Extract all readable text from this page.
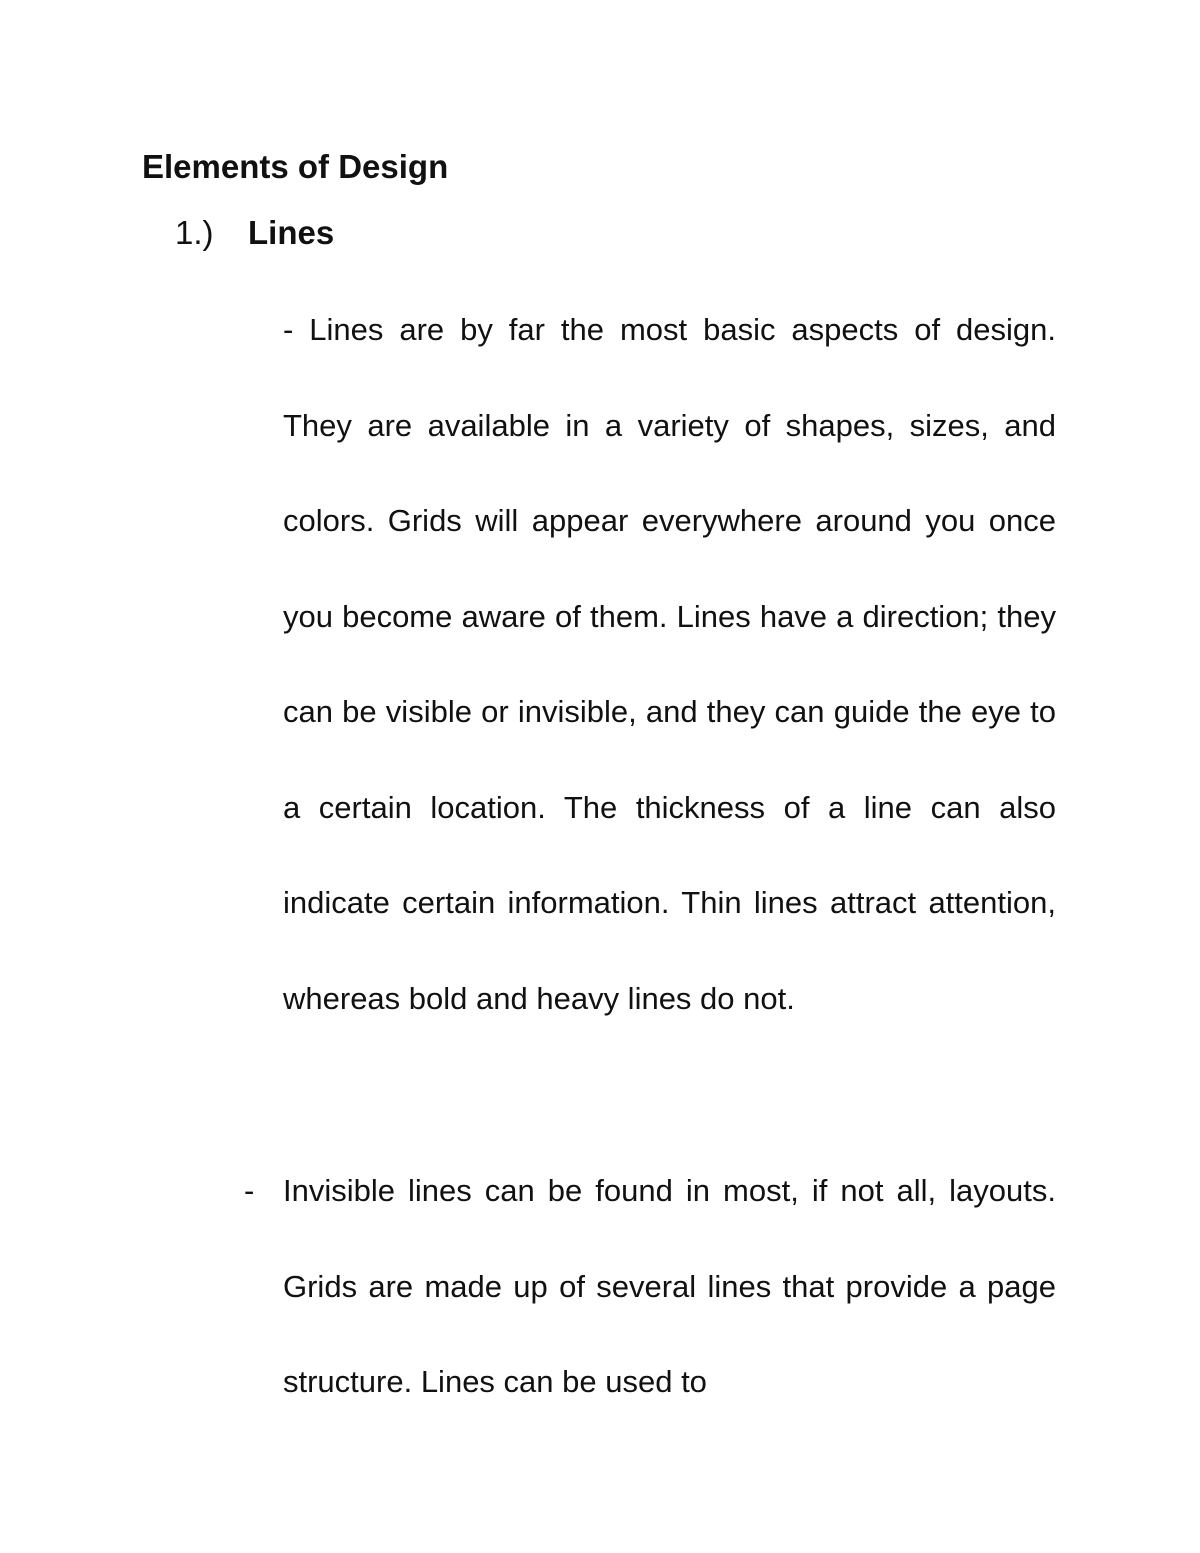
Elements of Design
1.) Lines

- Lines are by far the most basic aspects of design. They are available in a variety of shapes, sizes, and colors. Grids will appear everywhere around you once you become aware of them. Lines have a direction; they can be visible or invisible, and they can guide the eye to a certain location. The thickness of a line can also indicate certain information. Thin lines attract attention, whereas bold and heavy lines do not.

- Invisible lines can be found in most, if not all, layouts. Grids are made up of several lines that provide a page structure. Lines can be used to
